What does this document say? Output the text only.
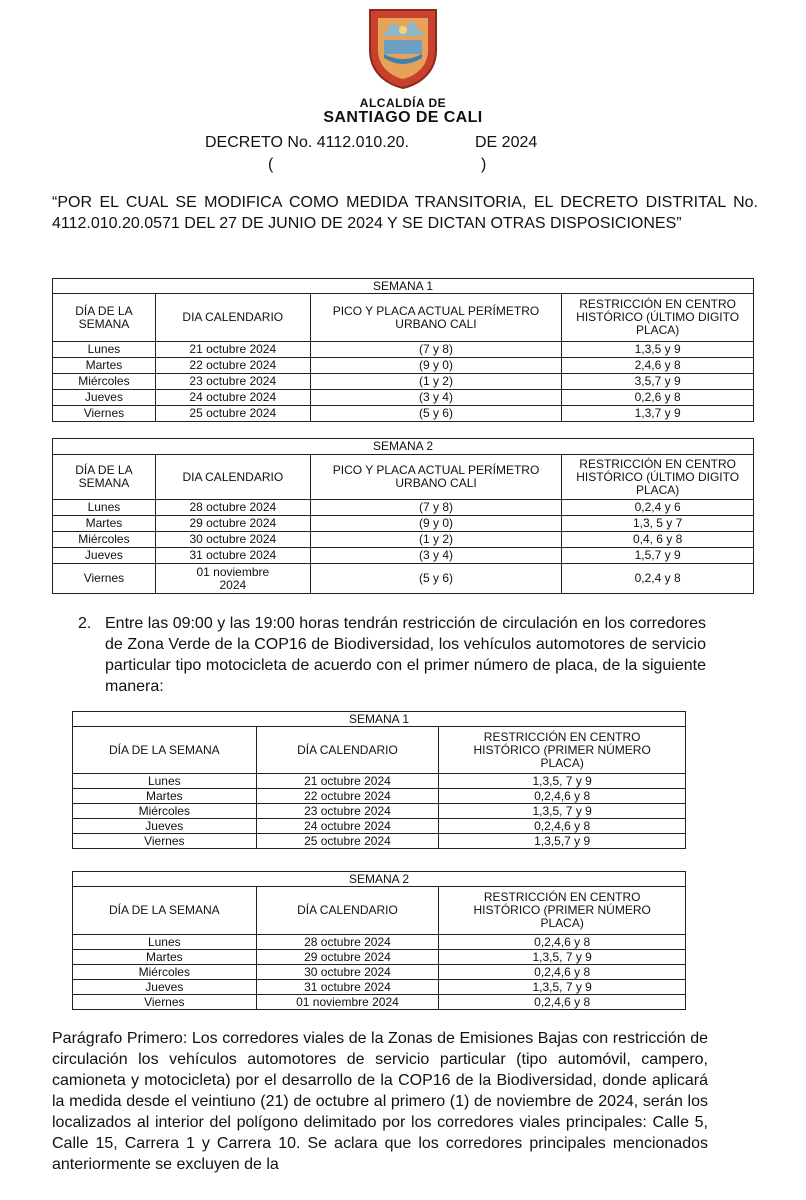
ALCALDÍA DE
SANTIAGO DE CALI
DECRETO No. 4112.010.20.	DE 2024
(	)
“POR EL CUAL SE MODIFICA COMO MEDIDA TRANSITORIA, EL DECRETO DISTRITAL No. 4112.010.20.0571 DEL 27 DE JUNIO DE 2024 Y SE DICTAN OTRAS DISPOSICIONES”
SEMANA 1			
DÍA DE LA SEMANA	DIA CALENDARIO	PICO Y PLACA ACTUAL PERÍMETRO URBANO CALI	RESTRICCIÓN EN CENTRO HISTÓRICO (ÚLTIMO DIGITO PLACA)
Lunes	21 octubre 2024	(7 y 8)	1,3,5 y 9
Martes	22 octubre 2024	(9 y 0)	2,4,6 y 8
Miércoles	23 octubre 2024	(1 y 2)	3,5,7 y 9
Jueves	24 octubre 2024	(3 y 4)	0,2,6 y 8
Viernes	25 octubre 2024	(5 y 6)	1,3,7 y 9
SEMANA 2			
DÍA DE LA SEMANA	DIA CALENDARIO	PICO Y PLACA ACTUAL PERÍMETRO URBANO CALI	RESTRICCIÓN EN CENTRO HISTÓRICO (ÚLTIMO DIGITO PLACA)
Lunes	28 octubre 2024	(7 y 8)	0,2,4 y 6
Martes	29 octubre 2024	(9 y 0)	1,3, 5 y 7
Miércoles	30 octubre 2024	(1 y 2)	0,4, 6 y 8
Jueves	31 octubre 2024	(3 y 4)	1,5,7 y 9
Viernes	01 noviembre 2024	(5 y 6)	0,2,4 y 8
2. Entre las 09:00 y las 19:00 horas tendrán restricción de circulación en los corredores de Zona Verde de la COP16 de Biodiversidad, los vehículos automotores de servicio particular tipo motocicleta de acuerdo con el primer número de placa, de la siguiente manera:
SEMANA 1		
DÍA DE LA SEMANA	DÍA CALENDARIO	RESTRICCIÓN EN CENTRO HISTÓRICO (PRIMER NÚMERO PLACA)
Lunes	21 octubre 2024	1,3,5, 7 y 9
Martes	22 octubre 2024	0,2,4,6 y 8
Miércoles	23 octubre 2024	1,3,5, 7 y 9
Jueves	24 octubre 2024	0,2,4,6 y 8
Viernes	25 octubre 2024	1,3,5,7 y 9
SEMANA 2		
DÍA DE LA SEMANA	DÍA CALENDARIO	RESTRICCIÓN EN CENTRO HISTÓRICO (PRIMER NÚMERO PLACA)
Lunes	28 octubre 2024	0,2,4,6 y 8
Martes	29 octubre 2024	1,3,5, 7 y 9
Miércoles	30 octubre 2024	0,2,4,6 y 8
Jueves	31 octubre 2024	1,3,5, 7 y 9
Viernes	01 noviembre 2024	0,2,4,6 y 8
Parágrafo Primero: Los corredores viales de la Zonas de Emisiones Bajas con restricción de circulación los vehículos automotores de servicio particular (tipo automóvil, campero, camioneta y motocicleta) por el desarrollo de la COP16 de la Biodiversidad, donde aplicará la medida desde el veintiuno (21) de octubre al primero (1) de noviembre de 2024, serán los localizados al interior del polígono delimitado por los corredores viales principales: Calle 5, Calle 15, Carrera 1 y Carrera 10. Se aclara que los corredores principales mencionados anteriormente se excluyen de la
